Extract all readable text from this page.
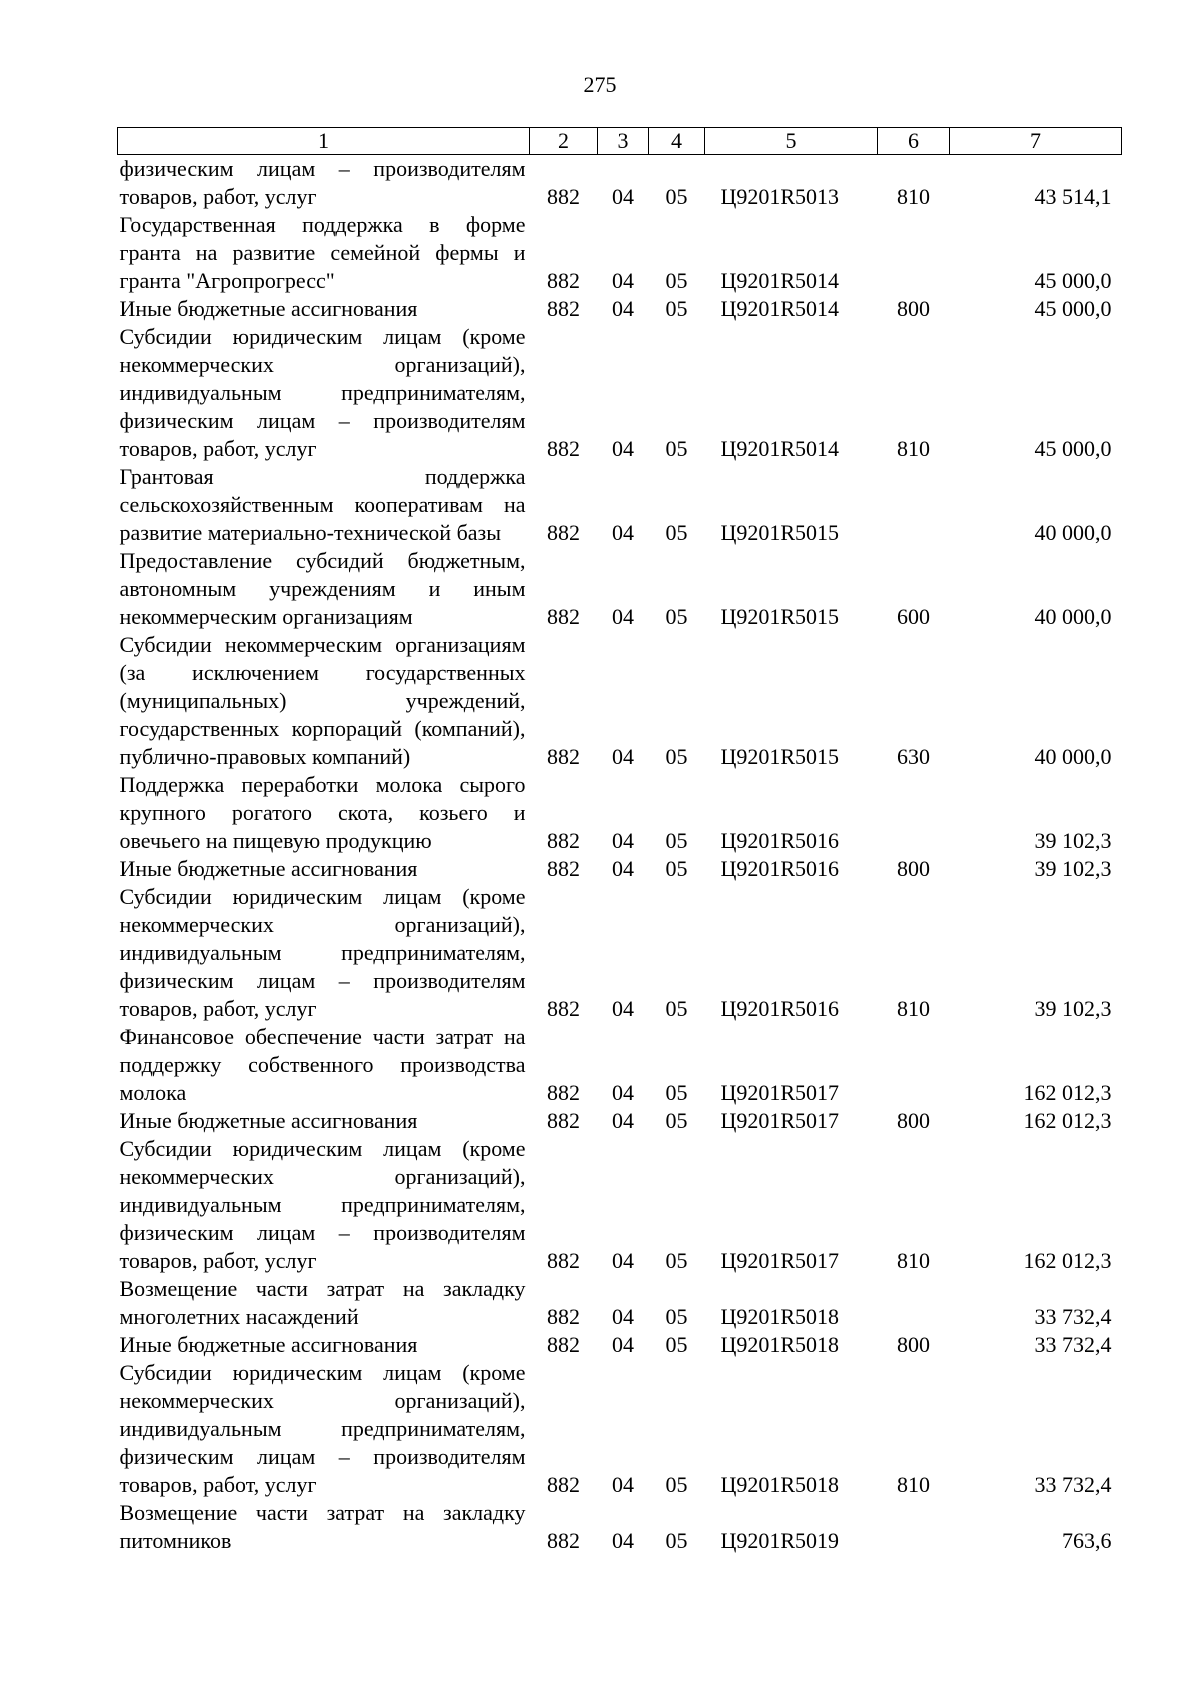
275
1	2	3	4	5	6	7
физическим лицам – производителям товаров, работ, услуг	882	04	05	Ц9201R5013	810	43 514,1
Государственная поддержка в форме гранта на развитие семейной фермы и гранта "Агропрогресс"	882	04	05	Ц9201R5014		45 000,0
Иные бюджетные ассигнования	882	04	05	Ц9201R5014	800	45 000,0
Субсидии юридическим лицам (кроме некоммерческих организаций), индивидуальным предпринимателям, физическим лицам – производителям товаров, работ, услуг	882	04	05	Ц9201R5014	810	45 000,0
Грантовая поддержка сельскохозяйственным кооперативам на развитие материально-технической базы	882	04	05	Ц9201R5015		40 000,0
Предоставление субсидий бюджетным, автономным учреждениям и иным некоммерческим организациям	882	04	05	Ц9201R5015	600	40 000,0
Субсидии некоммерческим организациям (за исключением государственных (муниципальных) учреждений, государственных корпораций (компаний), публично-правовых компаний)	882	04	05	Ц9201R5015	630	40 000,0
Поддержка переработки молока сырого крупного рогатого скота, козьего и овечьего на пищевую продукцию	882	04	05	Ц9201R5016		39 102,3
Иные бюджетные ассигнования	882	04	05	Ц9201R5016	800	39 102,3
Субсидии юридическим лицам (кроме некоммерческих организаций), индивидуальным предпринимателям, физическим лицам – производителям товаров, работ, услуг	882	04	05	Ц9201R5016	810	39 102,3
Финансовое обеспечение части затрат на поддержку собственного производства молока	882	04	05	Ц9201R5017		162 012,3
Иные бюджетные ассигнования	882	04	05	Ц9201R5017	800	162 012,3
Субсидии юридическим лицам (кроме некоммерческих организаций), индивидуальным предпринимателям, физическим лицам – производителям товаров, работ, услуг	882	04	05	Ц9201R5017	810	162 012,3
Возмещение части затрат на закладку многолетних насаждений	882	04	05	Ц9201R5018		33 732,4
Иные бюджетные ассигнования	882	04	05	Ц9201R5018	800	33 732,4
Субсидии юридическим лицам (кроме некоммерческих организаций), индивидуальным предпринимателям, физическим лицам – производителям товаров, работ, услуг	882	04	05	Ц9201R5018	810	33 732,4
Возмещение части затрат на закладку питомников	882	04	05	Ц9201R5019		763,6
